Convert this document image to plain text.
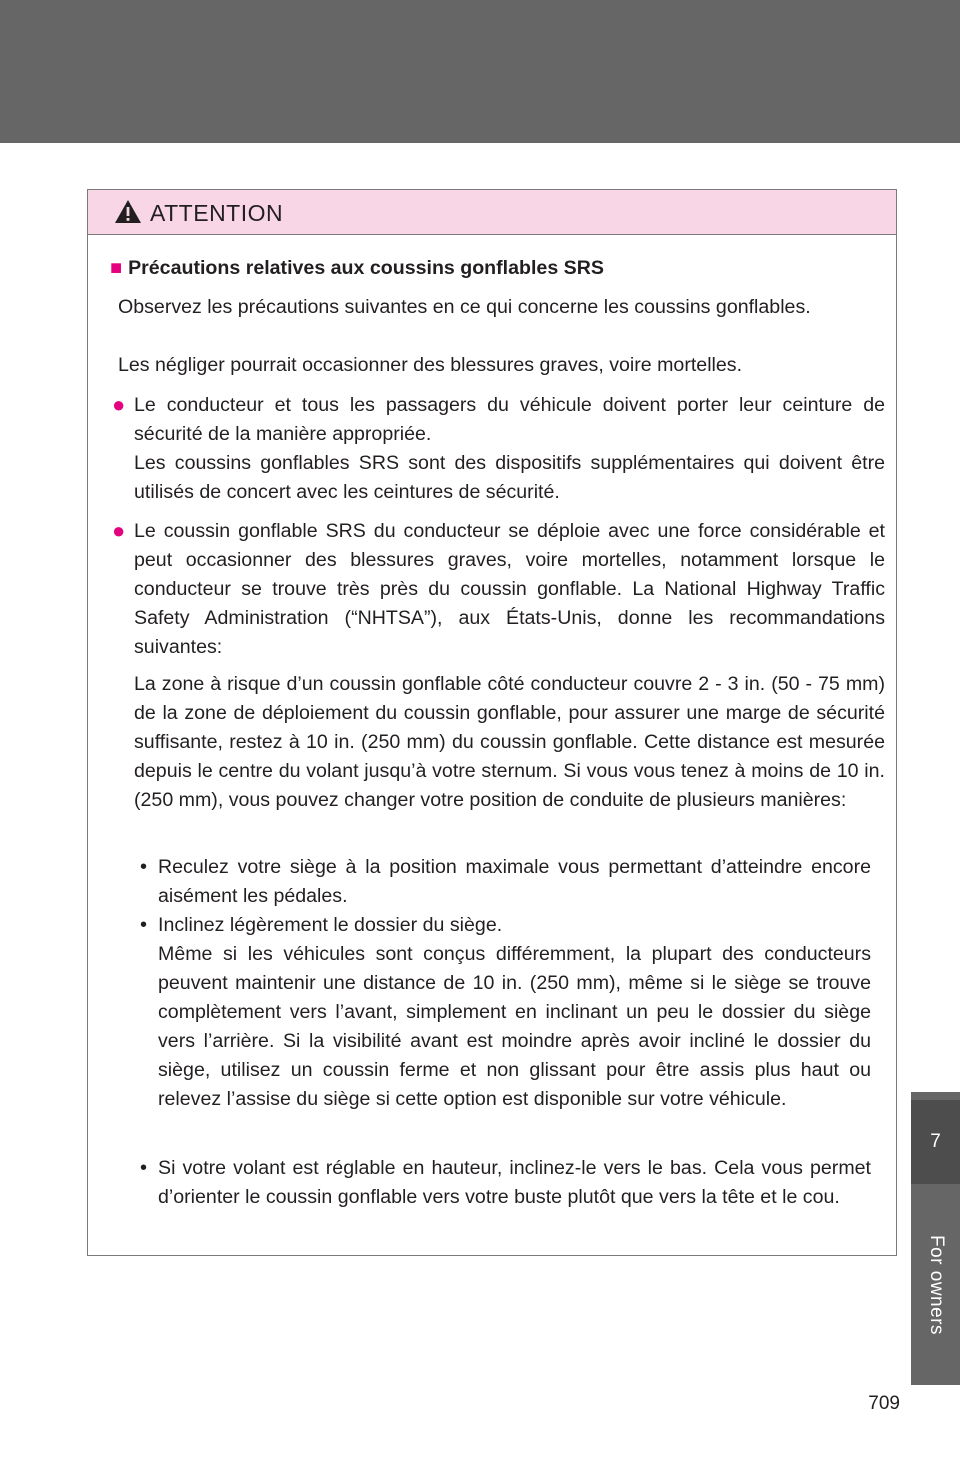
ATTENTION
■ Précautions relatives aux coussins gonflables SRS
Observez les précautions suivantes en ce qui concerne les coussins gonflables.
Les négliger pourrait occasionner des blessures graves, voire mortelles.
● Le conducteur et tous les passagers du véhicule doivent porter leur ceinture de sécurité de la manière appropriée.
Les coussins gonflables SRS sont des dispositifs supplémentaires qui doivent être utilisés de concert avec les ceintures de sécurité.
● Le coussin gonflable SRS du conducteur se déploie avec une force considérable et peut occasionner des blessures graves, voire mortelles, notamment lorsque le conducteur se trouve très près du coussin gonflable. La National Highway Traffic Safety Administration (“NHTSA”), aux États-Unis, donne les recommandations suivantes:
La zone à risque d’un coussin gonflable côté conducteur couvre 2 - 3 in. (50 - 75 mm) de la zone de déploiement du coussin gonflable, pour assurer une marge de sécurité suffisante, restez à 10 in. (250 mm) du coussin gonflable. Cette distance est mesurée depuis le centre du volant jusqu’à votre sternum. Si vous vous tenez à moins de 10 in. (250 mm), vous pouvez changer votre position de conduite de plusieurs manières:
• Reculez votre siège à la position maximale vous permettant d’atteindre encore aisément les pédales.
• Inclinez légèrement le dossier du siège.
Même si les véhicules sont conçus différemment, la plupart des conducteurs peuvent maintenir une distance de 10 in. (250 mm), même si le siège se trouve complètement vers l’avant, simplement en inclinant un peu le dossier du siège vers l’arrière. Si la visibilité avant est moindre après avoir incliné le dossier du siège, utilisez un coussin ferme et non glissant pour être assis plus haut ou relevez l’assise du siège si cette option est disponible sur votre véhicule.
• Si votre volant est réglable en hauteur, inclinez-le vers le bas. Cela vous permet d’orienter le coussin gonflable vers votre buste plutôt que vers la tête et le cou.
7
For owners
709
